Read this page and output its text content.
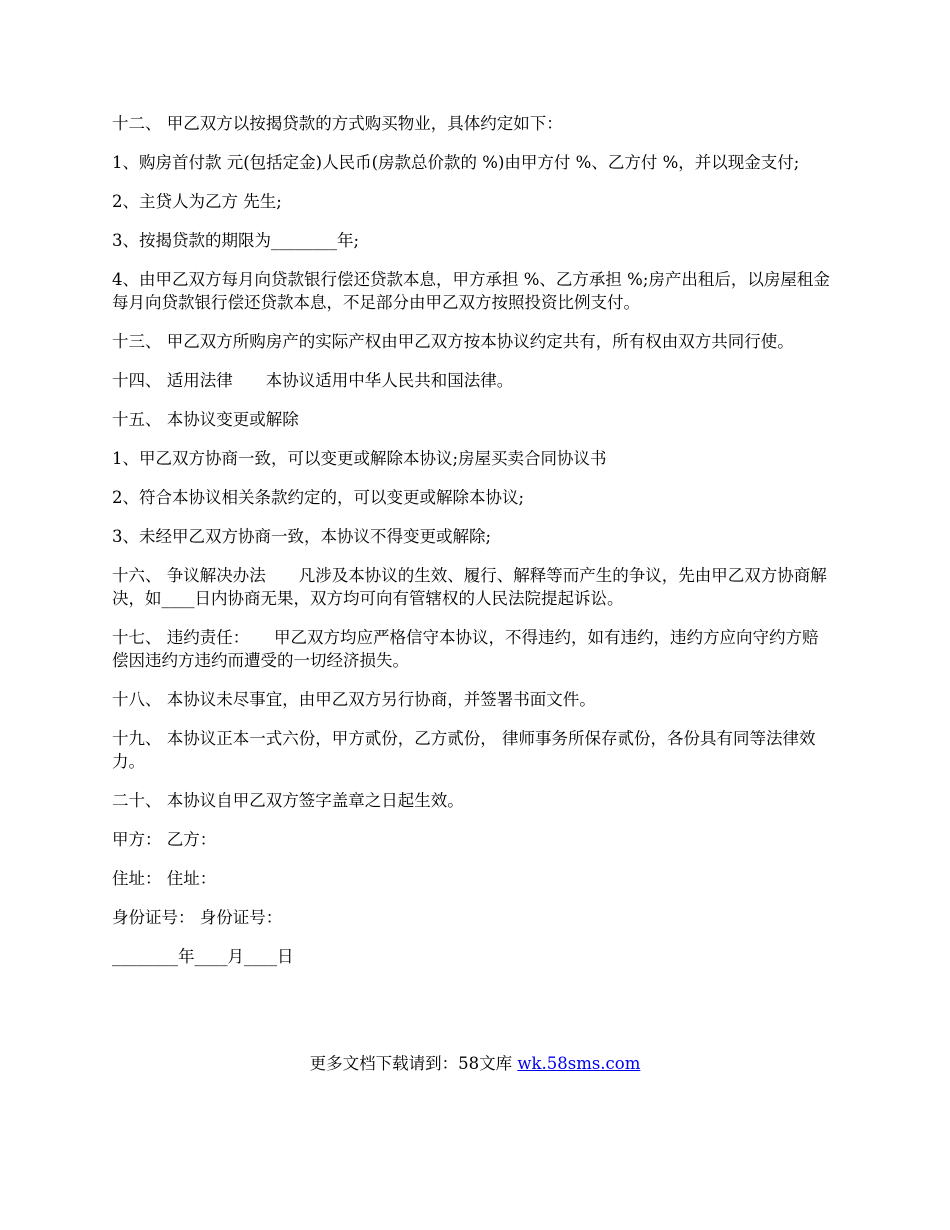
十二、 甲乙双方以按揭贷款的方式购买物业，具体约定如下：

1、购房首付款 元(包括定金)人民币(房款总价款的 %)由甲方付 %、乙方付 %，并以现金支付;

2、主贷人为乙方 先生;

3、按揭贷款的期限为________年;

4、由甲乙双方每月向贷款银行偿还贷款本息，甲方承担 %、乙方承担 %;房产出租后，以房屋租金每月向贷款银行偿还贷款本息，不足部分由甲乙双方按照投资比例支付。

十三、 甲乙双方所购房产的实际产权由甲乙双方按本协议约定共有，所有权由双方共同行使。

十四、 适用法律　　本协议适用中华人民共和国法律。

十五、 本协议变更或解除

1、甲乙双方协商一致，可以变更或解除本协议;房屋买卖合同协议书

2、符合本协议相关条款约定的，可以变更或解除本协议;

3、未经甲乙双方协商一致，本协议不得变更或解除;

十六、 争议解决办法　　凡涉及本协议的生效、履行、解释等而产生的争议，先由甲乙双方协商解决，如____日内协商无果，双方均可向有管辖权的人民法院提起诉讼。

十七、 违约责任：　　甲乙双方均应严格信守本协议，不得违约，如有违约，违约方应向守约方赔偿因违约方违约而遭受的一切经济损失。

十八、 本协议未尽事宜，由甲乙双方另行协商，并签署书面文件。

十九、 本协议正本一式六份，甲方贰份，乙方贰份， 律师事务所保存贰份，各份具有同等法律效力。

二十、 本协议自甲乙双方签字盖章之日起生效。

甲方： 乙方：

住址： 住址：

身份证号： 身份证号：

________年____月____日

更多文档下载请到：58文库 wk.58sms.com
